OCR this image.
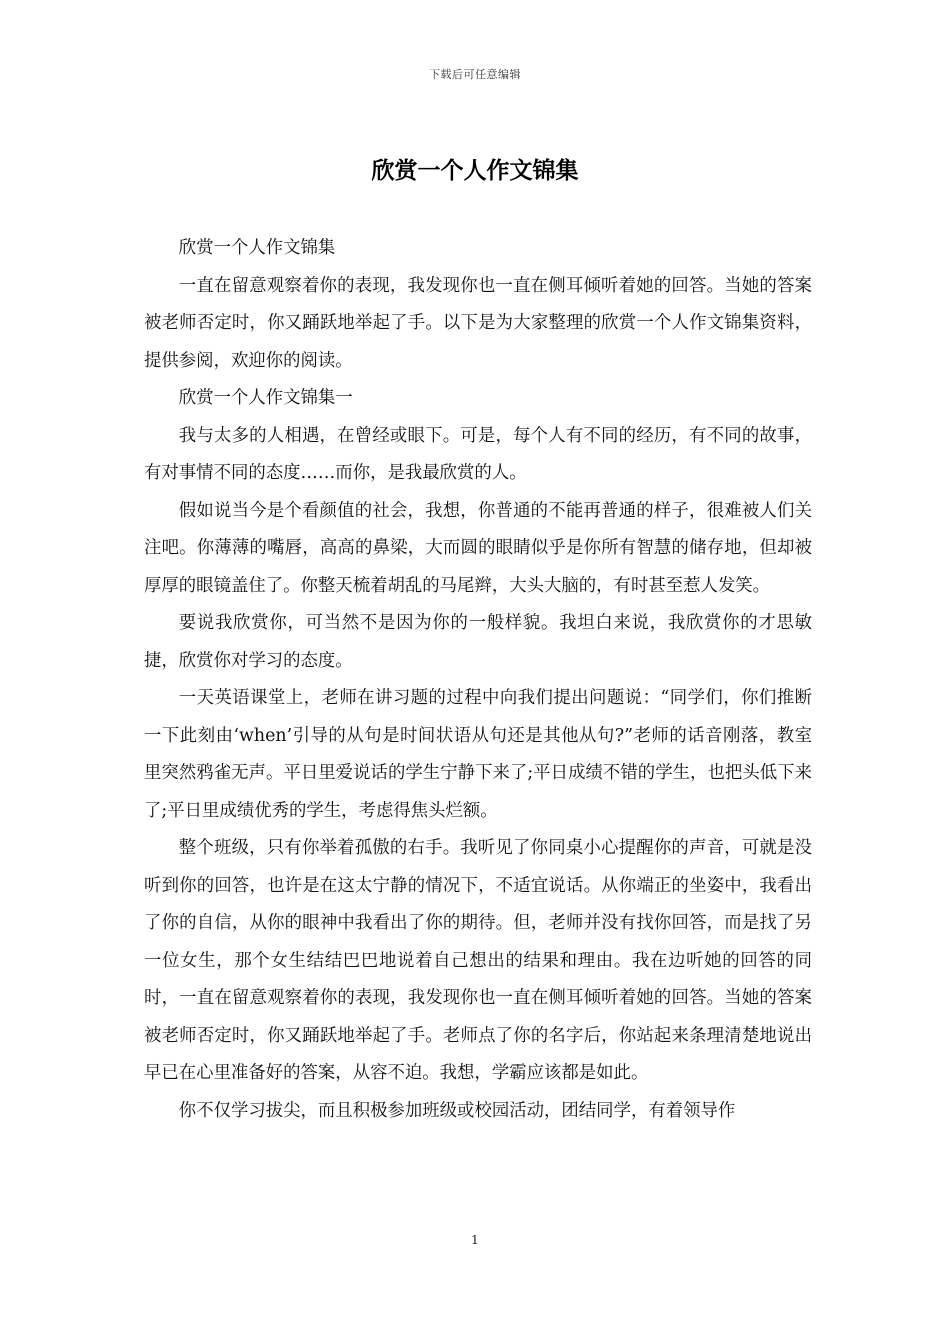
下载后可任意编辑
欣赏一个人作文锦集

欣赏一个人作文锦集

一直在留意观察着你的表现，我发现你也一直在侧耳倾听着她的回答。当她的答案被老师否定时，你又踊跃地举起了手。以下是为大家整理的欣赏一个人作文锦集资料，提供参阅，欢迎你的阅读。

欣赏一个人作文锦集一

我与太多的人相遇，在曾经或眼下。可是，每个人有不同的经历，有不同的故事，有对事情不同的态度……而你，是我最欣赏的人。

假如说当今是个看颜值的社会，我想，你普通的不能再普通的样子，很难被人们关注吧。你薄薄的嘴唇，高高的鼻梁，大而圆的眼睛似乎是你所有智慧的储存地，但却被厚厚的眼镜盖住了。你整天梳着胡乱的马尾辫，大头大脑的，有时甚至惹人发笑。

要说我欣赏你，可当然不是因为你的一般样貌。我坦白来说，我欣赏你的才思敏捷，欣赏你对学习的态度。

一天英语课堂上，老师在讲习题的过程中向我们提出问题说：“同学们，你们推断一下此刻由‘when’引导的从句是时间状语从句还是其他从句?”老师的话音刚落，教室里突然鸦雀无声。平日里爱说话的学生宁静下来了;平日成绩不错的学生，也把头低下来了;平日里成绩优秀的学生，考虑得焦头烂额。

整个班级，只有你举着孤傲的右手。我听见了你同桌小心提醒你的声音，可就是没听到你的回答，也许是在这太宁静的情况下，不适宜说话。从你端正的坐姿中，我看出了你的自信，从你的眼神中我看出了你的期待。但，老师并没有找你回答，而是找了另一位女生，那个女生结结巴巴地说着自己想出的结果和理由。我在边听她的回答的同时，一直在留意观察着你的表现，我发现你也一直在侧耳倾听着她的回答。当她的答案被老师否定时，你又踊跃地举起了手。老师点了你的名字后，你站起来条理清楚地说出早已在心里准备好的答案，从容不迫。我想，学霸应该都是如此。

你不仅学习拔尖，而且积极参加班级或校园活动，团结同学，有着领导作

1
